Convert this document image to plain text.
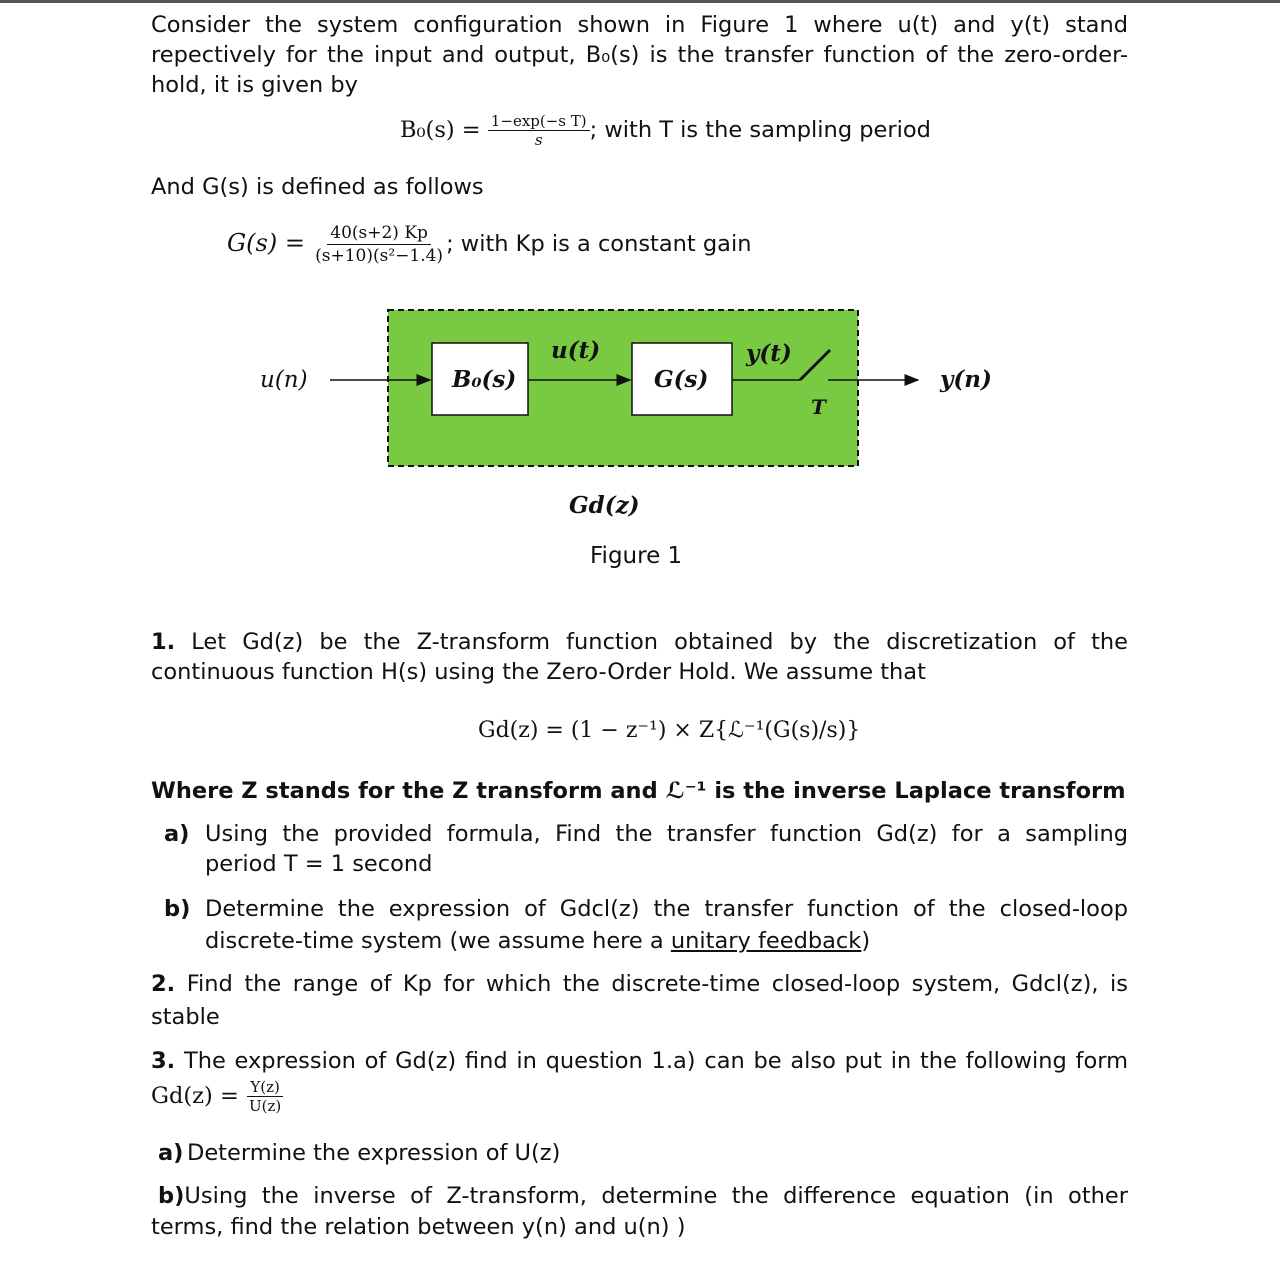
Consider the system configuration shown in Figure 1 where u(t) and y(t) stand
repectively for the input and output, B₀(s) is the transfer function of the zero-order-
hold, it is given by
$B_0(s) = \frac{\text{1−exp(−s T)}}{s}$ ; with T is the sampling period
And G(s) is defined as follows
$G(s) = \frac{40(s+2) Kp}{\text{(s+10)(s²−1.4)}}$ ; with Kp is a constant gain
u(n)	B₀(s)
u(t)
G(s)
y(t)
T
y(n)
Gd(z)
Figure 1
1. Let Gd(z) be the Z-transform function obtained by the discretization of the
continuous function H(s) using the Zero-Order Hold. We assume that
Gd(z) = (1 − z⁻¹) × Z{ℒ⁻¹(G(s)/s)}
Where Z stands for the Z transform and ℒ⁻¹ is the inverse Laplace transform
a) Using the provided formula, Find the transfer function Gd(z) for a sampling
period T = 1 second
b) Determine the expression of Gdcl(z) the transfer function of the closed-loop
discrete-time system (we assume here a unitary feedback)
2. Find the range of Kp for which the discrete-time closed-loop system, Gdcl(z), is
stable
3. The expression of Gd(z) find in question 1.a) can be also put in the following form
$Gd(z) = \frac{Y(z)}{U(z)}$
a) Determine the expression of U(z)
b)Using the inverse of Z-transform, determine the difference equation (in other
terms, find the relation between y(n) and u(n) )
